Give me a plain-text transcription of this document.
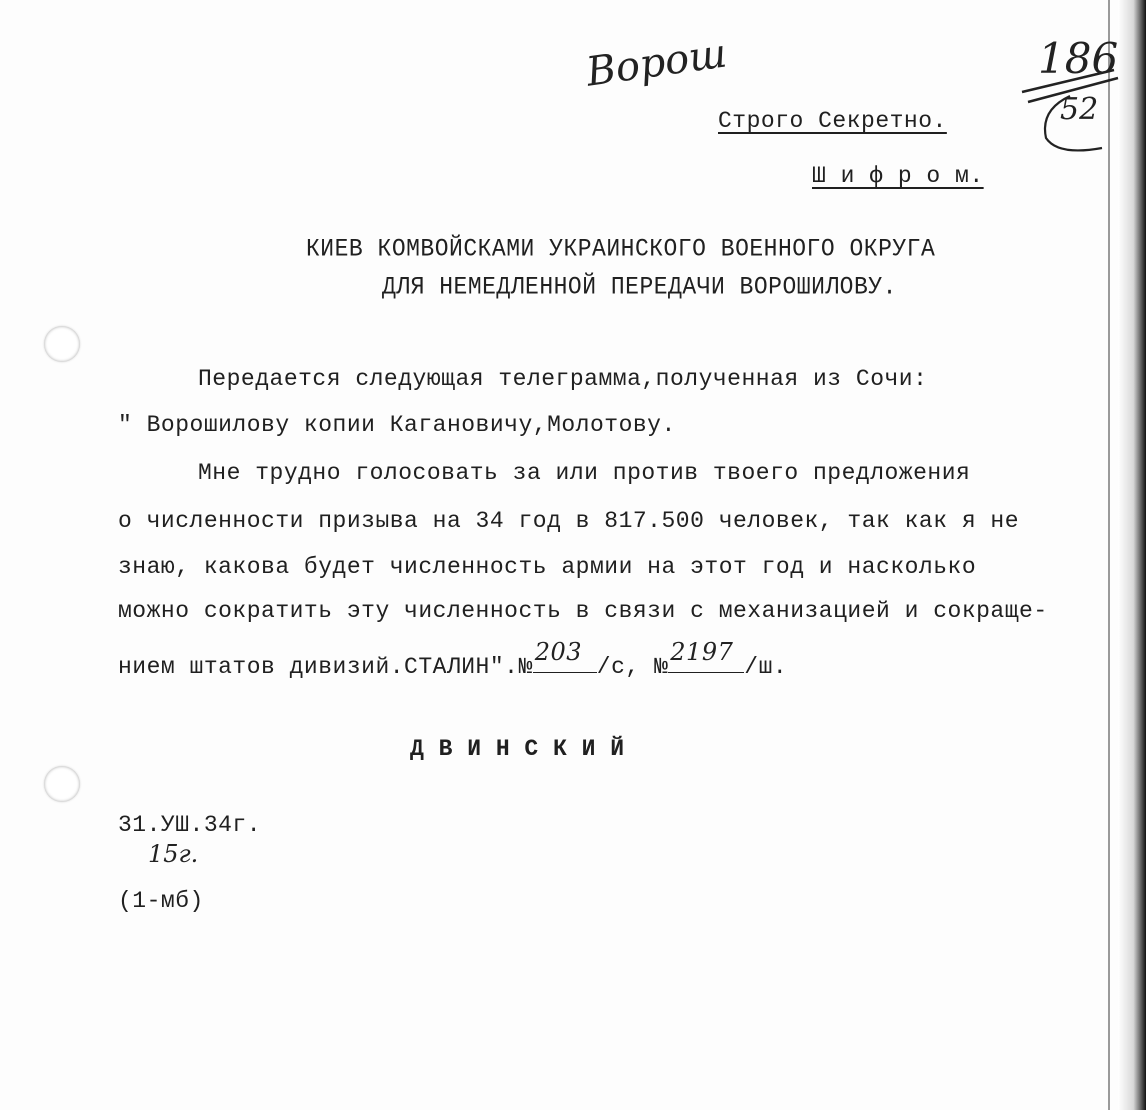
Ворош	186
52
Строго Секретно.
Ш и ф р о м.
КИЕВ КОМВОЙСКАМИ УКРАИНСКОГО ВОЕННОГО ОКРУГА
ДЛЯ НЕМЕДЛЕННОЙ ПЕРЕДАЧИ ВОРОШИЛОВУ.
Передается следующая телеграмма,полученная из Сочи:
" Ворошилову копии Кагановичу,Молотову.
Мне трудно голосовать за или против твоего предложения
о численности призыва на 34 год в 817.500 человек, так как я не
знаю, какова будет численность армии на этот год и насколько
можно сократить эту численность в связи с механизацией и сокраще-
нием штатов дивизий.СТАЛИН".№
203
/с, №
2197
/ш.
Д В И Н С К И Й
31.УШ.34г.
15г.
(1-мб)
